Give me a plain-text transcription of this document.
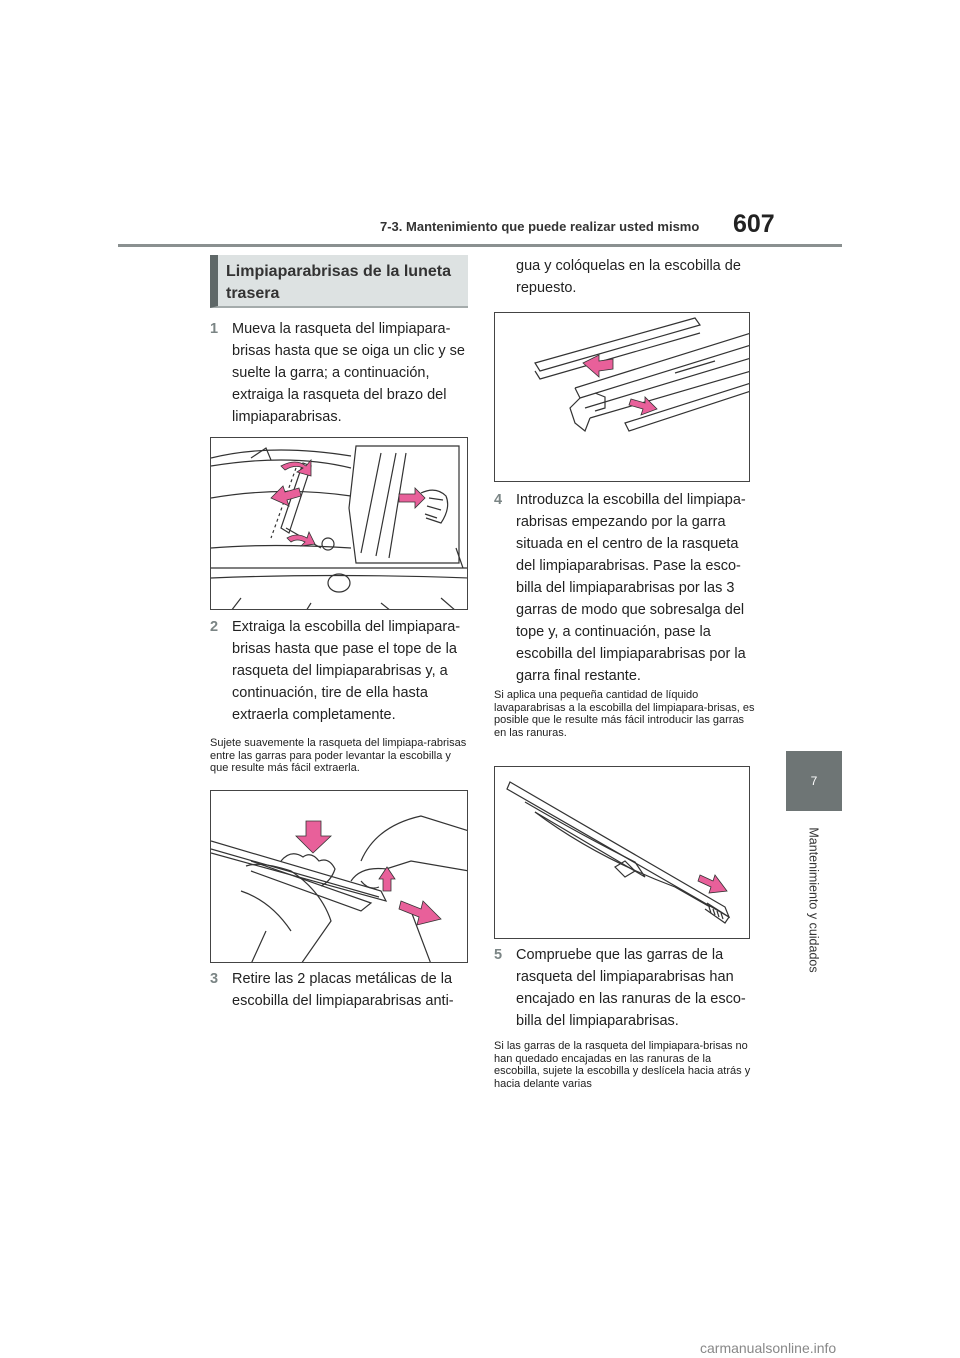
7-3. Mantenimiento que puede realizar usted mismo 607
7
Mantenimiento y cuidados
Limpiaparabrisas de la luneta trasera
1 Mueva la rasqueta del limpiapara-brisas hasta que se oiga un clic y se suelte la garra; a continuación, extraiga la rasqueta del brazo del limpiaparabrisas.
2 Extraiga la escobilla del limpiapara-brisas hasta que pase el tope de la rasqueta del limpiaparabrisas y, a continuación, tire de ella hasta extraerla completamente.
Sujete suavemente la rasqueta del limpiapa-rabrisas entre las garras para poder levantar la escobilla y que resulte más fácil extraerla.
3 Retire las 2 placas metálicas de la escobilla del limpiaparabrisas anti-
gua y colóquelas en la escobilla de repuesto.
4 Introduzca la escobilla del limpiapa-rabrisas empezando por la garra situada en el centro de la rasqueta del limpiaparabrisas. Pase la esco-billa del limpiaparabrisas por las 3 garras de modo que sobresalga del tope y, a continuación, pase la escobilla del limpiaparabrisas por la garra final restante.
Si aplica una pequeña cantidad de líquido lavaparabrisas a la escobilla del limpiapara-brisas, es posible que le resulte más fácil introducir las garras en las ranuras.
5 Compruebe que las garras de la rasqueta del limpiaparabrisas han encajado en las ranuras de la esco-billa del limpiaparabrisas.
Si las garras de la rasqueta del limpiapara-brisas no han quedado encajadas en las ranuras de la escobilla, sujete la escobilla y deslícela hacia atrás y hacia delante varias
carmanualsonline.info
